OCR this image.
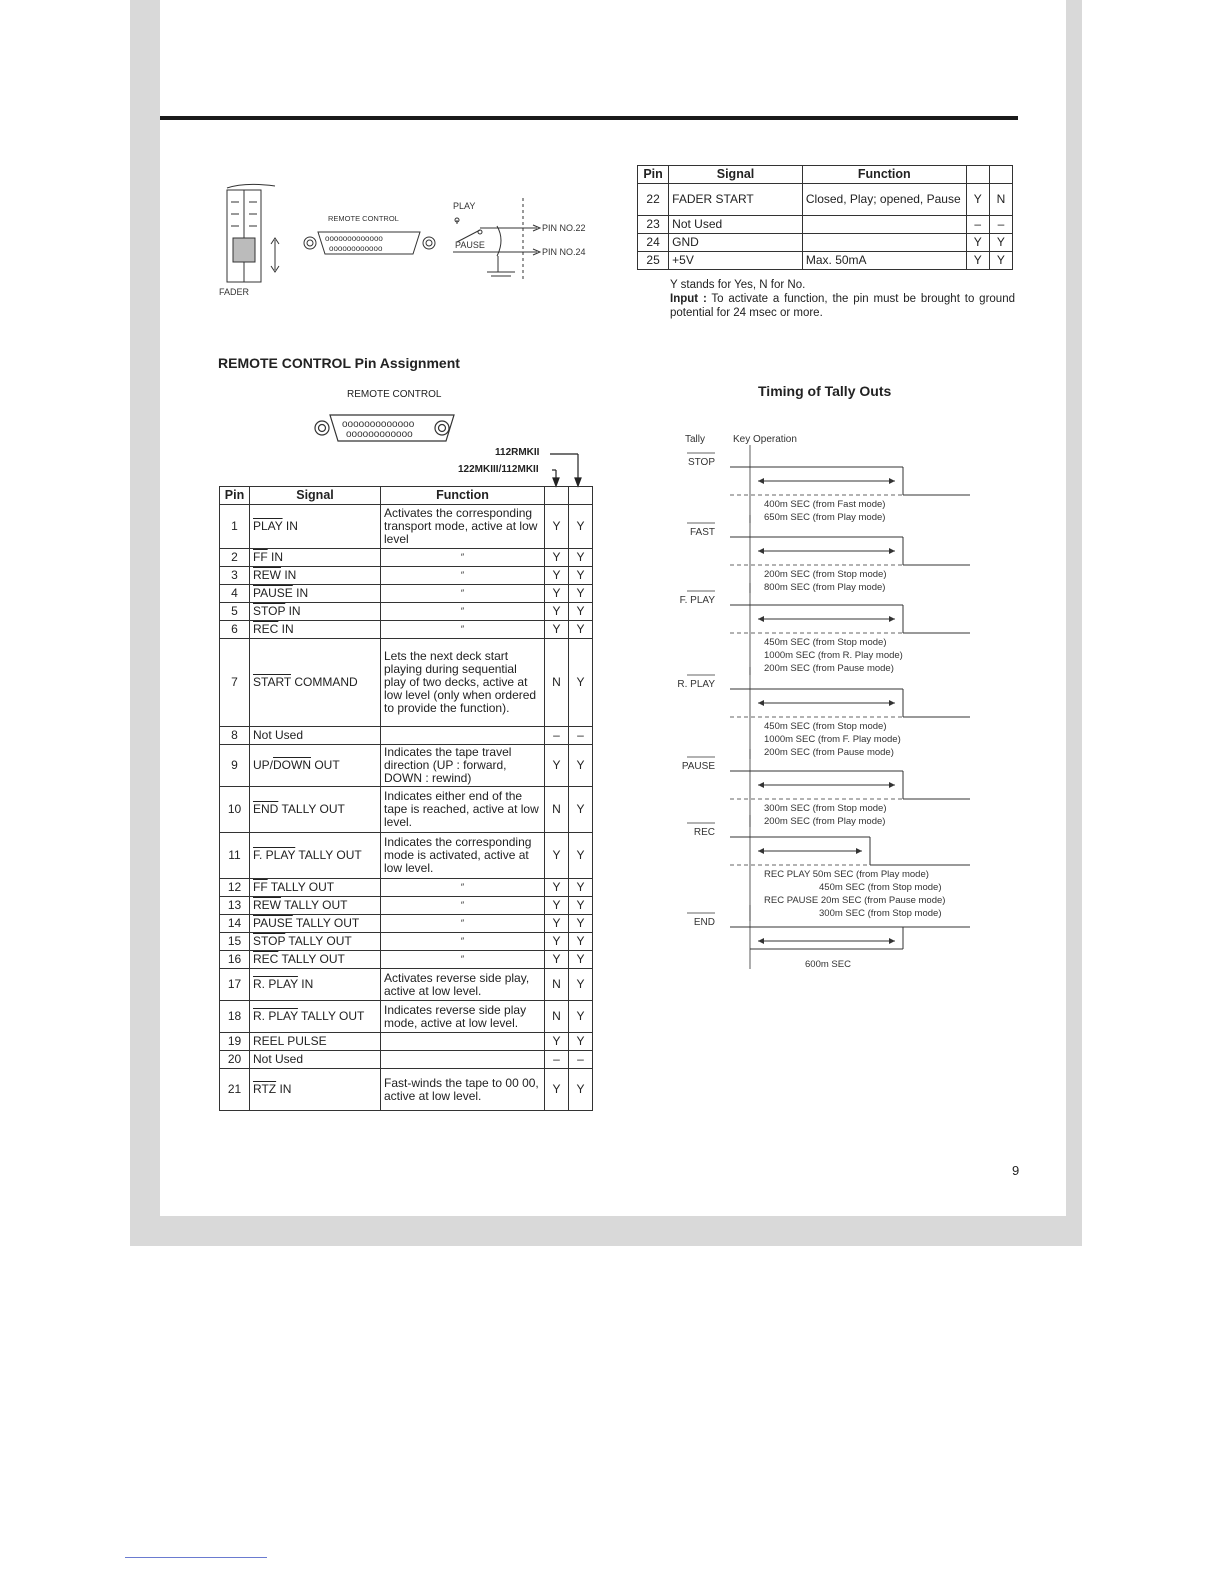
FADER
ooooooooooooo
oooooooooooo
REMOTE CONTROL
PLAY
PAUSE
PIN NO.22
PIN NO.24
REMOTE CONTROL Pin Assignment
REMOTE CONTROL
ooooooooooooo
oooooooooooo
112RMKII
122MKIII/112MKII
Pin	Signal	Function		
1	PLAY IN	Activates the corresponding transport mode, active at low level	Y	Y
2	$\overline{FF}$ IN	″	Y	Y
3	$\overline{REW}$ IN	″	Y	Y
4	PAUSE IN	″	Y	Y
5	STOP IN	″	Y	Y
6	$\overline{REC}$ IN	″	Y	Y
7	START COMMAND	Lets the next deck start playing during sequential play of two decks, active at low level (only when ordered to provide the function).	N	Y
8	Not Used		–	–
9	UP/DOWN OUT	Indicates the tape travel direction (UP : forward, DOWN : rewind)	Y	Y
10	$\overline{END}$ TALLY OUT	Indicates either end of the tape is reached, active at low level.	N	Y
11	F. PLAY TALLY OUT	Indicates the corresponding mode is activated, active at low level.	Y	Y
12	$\overline{FF}$ TALLY OUT	″	Y	Y
13	$\overline{REW}$ TALLY OUT	″	Y	Y
14	PAUSE TALLY OUT	″	Y	Y
15	STOP TALLY OUT	″	Y	Y
16	$\overline{REC}$ TALLY OUT	″	Y	Y
17	R. PLAY IN	Activates reverse side play, active at low level.	N	Y
18	R. PLAY TALLY OUT	Indicates reverse side play mode, active at low level.	N	Y
19	REEL PULSE		Y	Y
20	Not Used		–	–
21	$\overline{RTZ}$ IN	Fast-winds the tape to 00 00, active at low level.	Y	Y
Pin	Signal	Function		
22	FADER START	Closed, Play; opened, Pause	Y	N
23	Not Used		–	–
24	GND		Y	Y
25	+5V	Max. 50mA	Y	Y
Y stands for Yes, N for No.
Input : To activate a function, the pin must be brought to ground potential for 24 msec or more.
Timing of Tally Outs
Tally	Key Operation
STOP
400m SEC (from Fast mode)
650m SEC (from Play mode)
FAST
200m SEC (from Stop mode)
800m SEC (from Play mode)
F. PLAY
450m SEC (from Stop mode)
1000m SEC (from R. Play mode)
200m SEC (from Pause mode)
R. PLAY
450m SEC (from Stop mode)
1000m SEC (from F. Play mode)
200m SEC (from Pause mode)
PAUSE
300m SEC (from Stop mode)
200m SEC (from Play mode)
REC
REC PLAY 50m SEC (from Play mode)
450m SEC (from Stop mode)
REC PAUSE 20m SEC (from Pause mode)
300m SEC (from Stop mode)
END
600m SEC
9
